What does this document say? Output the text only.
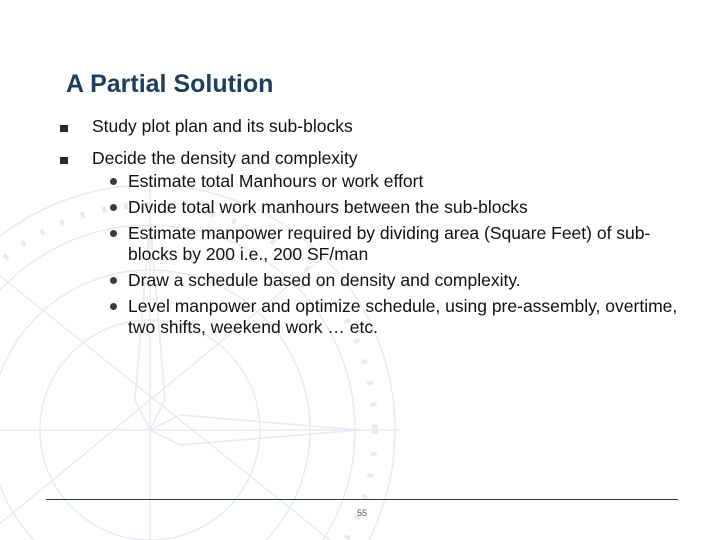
A Partial Solution
Study plot plan and its sub-blocks
Decide the density and complexity
Estimate total Manhours or work effort
Divide total work manhours between the sub-blocks
Estimate manpower required by dividing area (Square Feet) of sub-blocks by 200 i.e., 200 SF/man
Draw a schedule based on density and complexity.
Level manpower and optimize schedule, using pre-assembly, overtime, two shifts, weekend work … etc.
55
